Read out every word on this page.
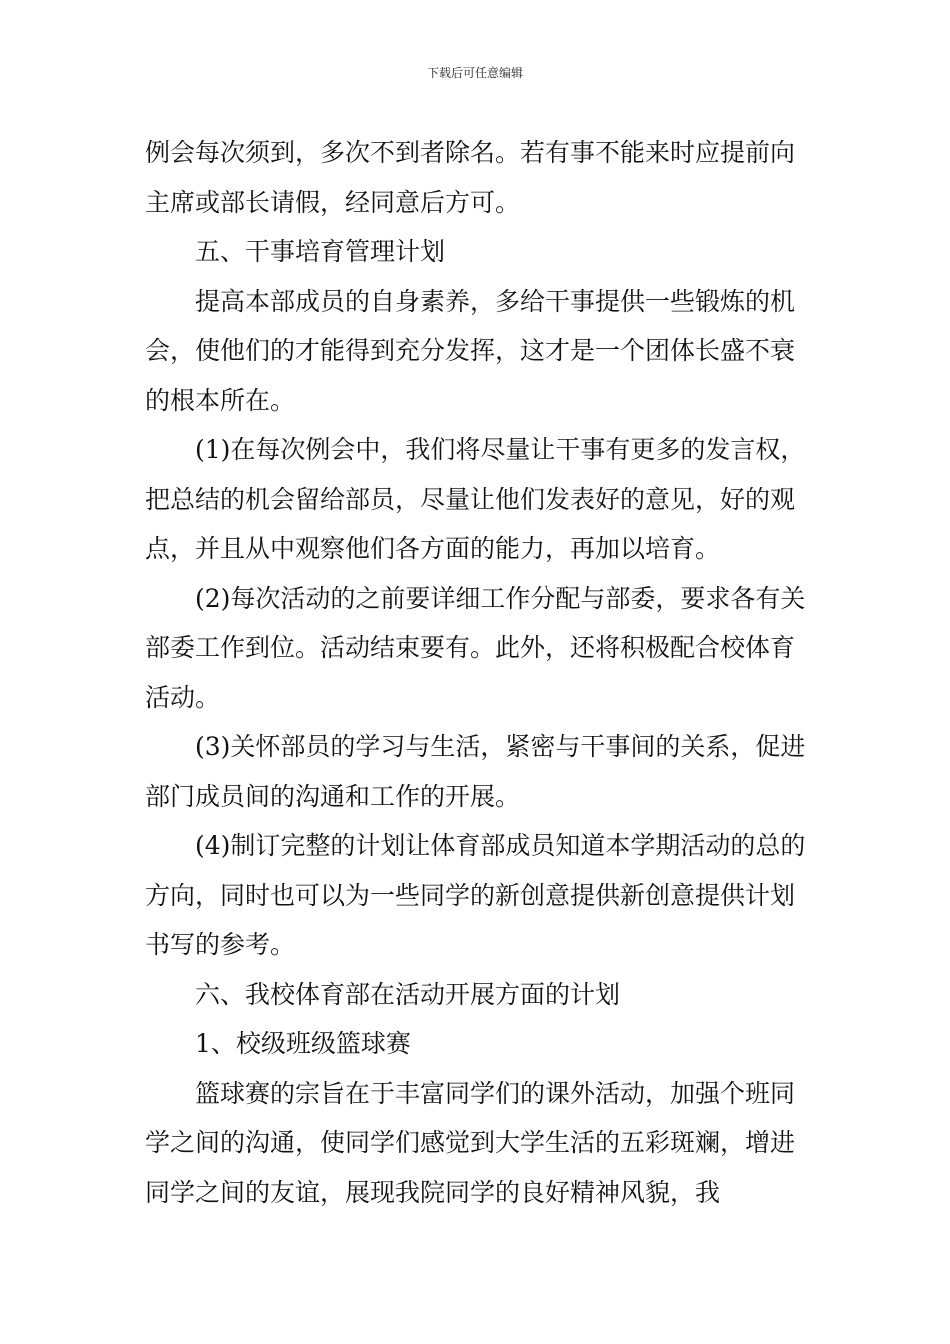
下载后可任意编辑

例会每次须到，多次不到者除名。若有事不能来时应提前向主席或部长请假，经同意后方可。

五、干事培育管理计划

提高本部成员的自身素养，多给干事提供一些锻炼的机会，使他们的才能得到充分发挥，这才是一个团体长盛不衰的根本所在。

(1)在每次例会中，我们将尽量让干事有更多的发言权，把总结的机会留给部员，尽量让他们发表好的意见，好的观点，并且从中观察他们各方面的能力，再加以培育。

(2)每次活动的之前要详细工作分配与部委，要求各有关部委工作到位。活动结束要有。此外，还将积极配合校体育活动。

(3)关怀部员的学习与生活，紧密与干事间的关系，促进部门成员间的沟通和工作的开展。

(4)制订完整的计划让体育部成员知道本学期活动的总的方向，同时也可以为一些同学的新创意提供新创意提供计划书写的参考。

六、我校体育部在活动开展方面的计划

1、校级班级篮球赛

篮球赛的宗旨在于丰富同学们的课外活动，加强个班同学之间的沟通，使同学们感觉到大学生活的五彩斑斓，增进同学之间的友谊，展现我院同学的良好精神风貌，我
